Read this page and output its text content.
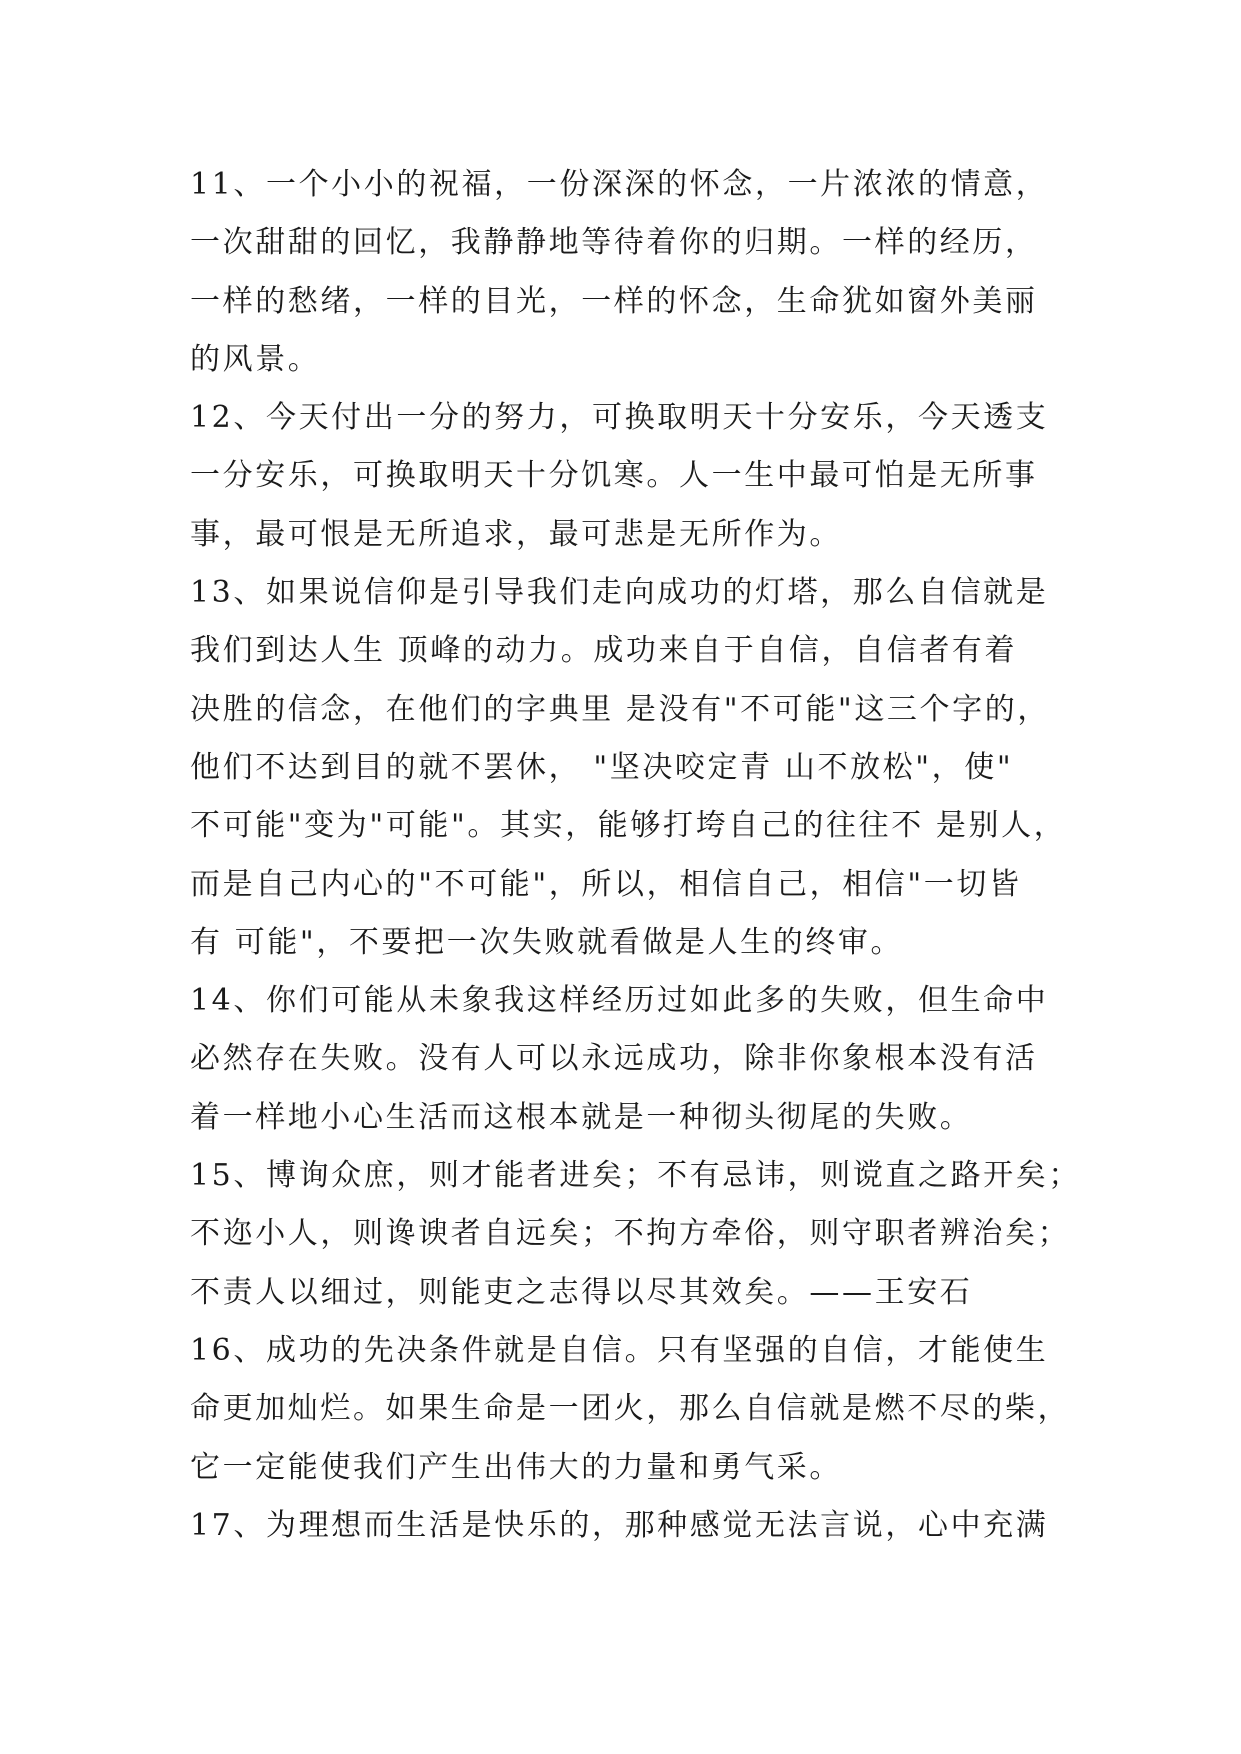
11、一个小小的祝福，一份深深的怀念，一片浓浓的情意，
一次甜甜的回忆，我静静地等待着你的归期。一样的经历，
一样的愁绪，一样的目光，一样的怀念，生命犹如窗外美丽
的风景。
12、今天付出一分的努力，可换取明天十分安乐，今天透支
一分安乐，可换取明天十分饥寒。人一生中最可怕是无所事
事，最可恨是无所追求，最可悲是无所作为。
13、如果说信仰是引导我们走向成功的灯塔，那么自信就是
我们到达人生 顶峰的动力。成功来自于自信，自信者有着
决胜的信念，在他们的字典里 是没有"不可能"这三个字的，
他们不达到目的就不罢休， "坚决咬定青 山不放松"，使"
不可能"变为"可能"。其实，能够打垮自己的往往不 是别人，
而是自己内心的"不可能"，所以，相信自己，相信"一切皆
有 可能"，不要把一次失败就看做是人生的终审。
14、你们可能从未象我这样经历过如此多的失败，但生命中
必然存在失败。没有人可以永远成功，除非你象根本没有活
着一样地小心生活而这根本就是一种彻头彻尾的失败。
15、博询众庶，则才能者进矣；不有忌讳，则谠直之路开矣；
不迩小人，则谗谀者自远矣；不拘方牵俗，则守职者辨治矣；
不责人以细过，则能吏之志得以尽其效矣。——王安石
16、成功的先决条件就是自信。只有坚强的自信，才能使生
命更加灿烂。如果生命是一团火，那么自信就是燃不尽的柴，
它一定能使我们产生出伟大的力量和勇气采。
17、为理想而生活是快乐的，那种感觉无法言说，心中充满
